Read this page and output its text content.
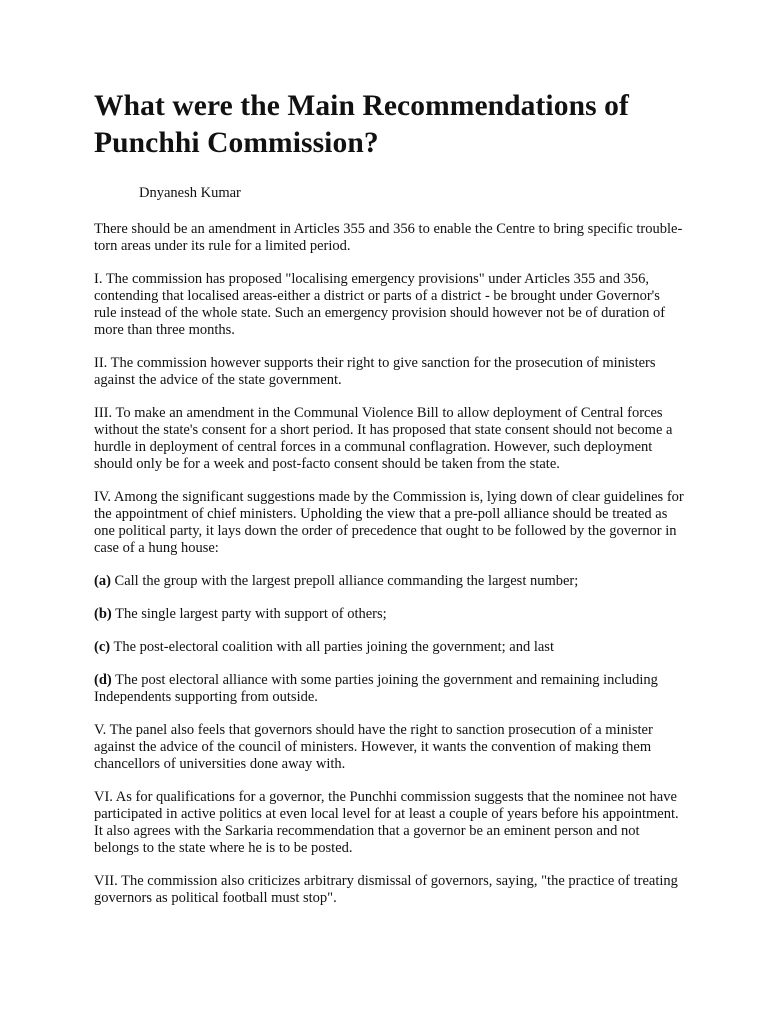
What were the Main Recommendations of Punchhi Commission?
Dnyanesh Kumar

There should be an amendment in Articles 355 and 356 to enable the Centre to bring specific trouble- torn areas under its rule for a limited period.

I. The commission has proposed "localising emergency provisions" under Articles 355 and 356, contending that localised areas-either a district or parts of a district - be brought under Governor's rule instead of the whole state. Such an emergency provision should however not be of duration of more than three months.

II. The commission however supports their right to give sanction for the prosecution of ministers against the advice of the state government.

III. To make an amendment in the Communal Violence Bill to allow deployment of Central forces without the state's consent for a short period. It has proposed that state consent should not become a hurdle in deployment of central forces in a communal conflagration. However, such deployment should only be for a week and post-facto consent should be taken from the state.

IV. Among the significant suggestions made by the Commission is, lying down of clear guidelines for the appointment of chief ministers. Upholding the view that a pre-poll alliance should be treated as one political party, it lays down the order of precedence that ought to be followed by the governor in case of a hung house:

(a) Call the group with the largest prepoll alliance commanding the largest number;

(b) The single largest party with support of others;

(c) The post-electoral coalition with all parties joining the government; and last

(d) The post electoral alliance with some parties joining the government and remaining including Independents supporting from outside.

V. The panel also feels that governors should have the right to sanction prosecution of a minister against the advice of the council of ministers. However, it wants the convention of making them chancellors of universities done away with.

VI. As for qualifications for a governor, the Punchhi commission suggests that the nominee not have participated in active politics at even local level for at least a couple of years before his appointment. It also agrees with the Sarkaria recommendation that a governor be an eminent person and not belongs to the state where he is to be posted.

VII. The commission also criticizes arbitrary dismissal of governors, saying, "the practice of treating governors as political football must stop".
